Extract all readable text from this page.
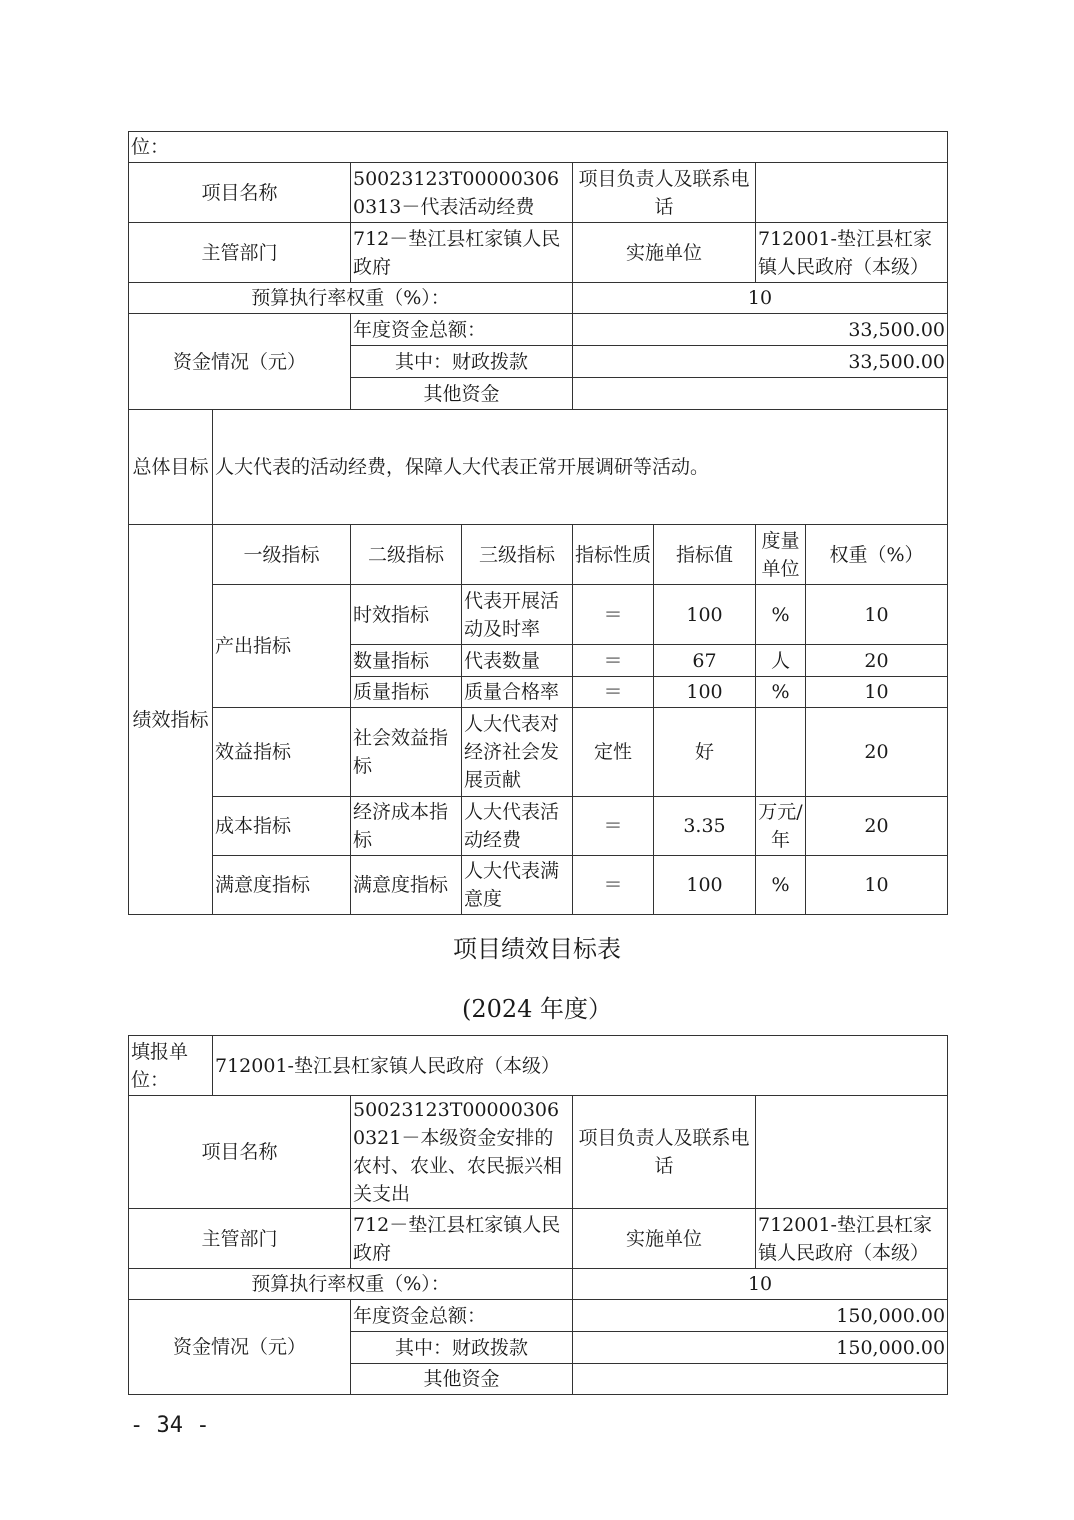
位：							
项目名称		50023123T000003060313－代表活动经费		项目负责人及联系电话			
主管部门		712－垫江县杠家镇人民政府		实施单位		712001-垫江县杠家镇人民政府（本级）	
预算执行率权重（%）：				10			
资金情况（元）		年度资金总额：		33,500.00			
		其中：财政拨款		33,500.00			
		其他资金					
总体目标	人大代表的活动经费，保障人大代表正常开展调研等活动。						
绩效指标	一级指标	二级指标	三级指标	指标性质	指标值	度量单位	权重（%）
	产出指标	时效指标	代表开展活动及时率	＝	100	%	10
		数量指标	代表数量	＝	67	人	20
		质量指标	质量合格率	＝	100	%	10
	效益指标	社会效益指标	人大代表对经济社会发展贡献	定性	好		20
	成本指标	经济成本指标	人大代表活动经费	＝	3.35	万元/年	20
	满意度指标	满意度指标	人大代表满意度	＝	100	%	10
项目绩效目标表
(2024 年度）
填报单位：	712001-垫江县杠家镇人民政府（本级）			
项目名称		50023123T000003060321－本级资金安排的农村、农业、农民振兴相关支出	项目负责人及联系电话	
主管部门		712－垫江县杠家镇人民政府	实施单位	712001-垫江县杠家镇人民政府（本级）
预算执行率权重（%）：			10	
资金情况（元）		年度资金总额：	150,000.00	
		其中：财政拨款	150,000.00	
		其他资金		
- 34 -
